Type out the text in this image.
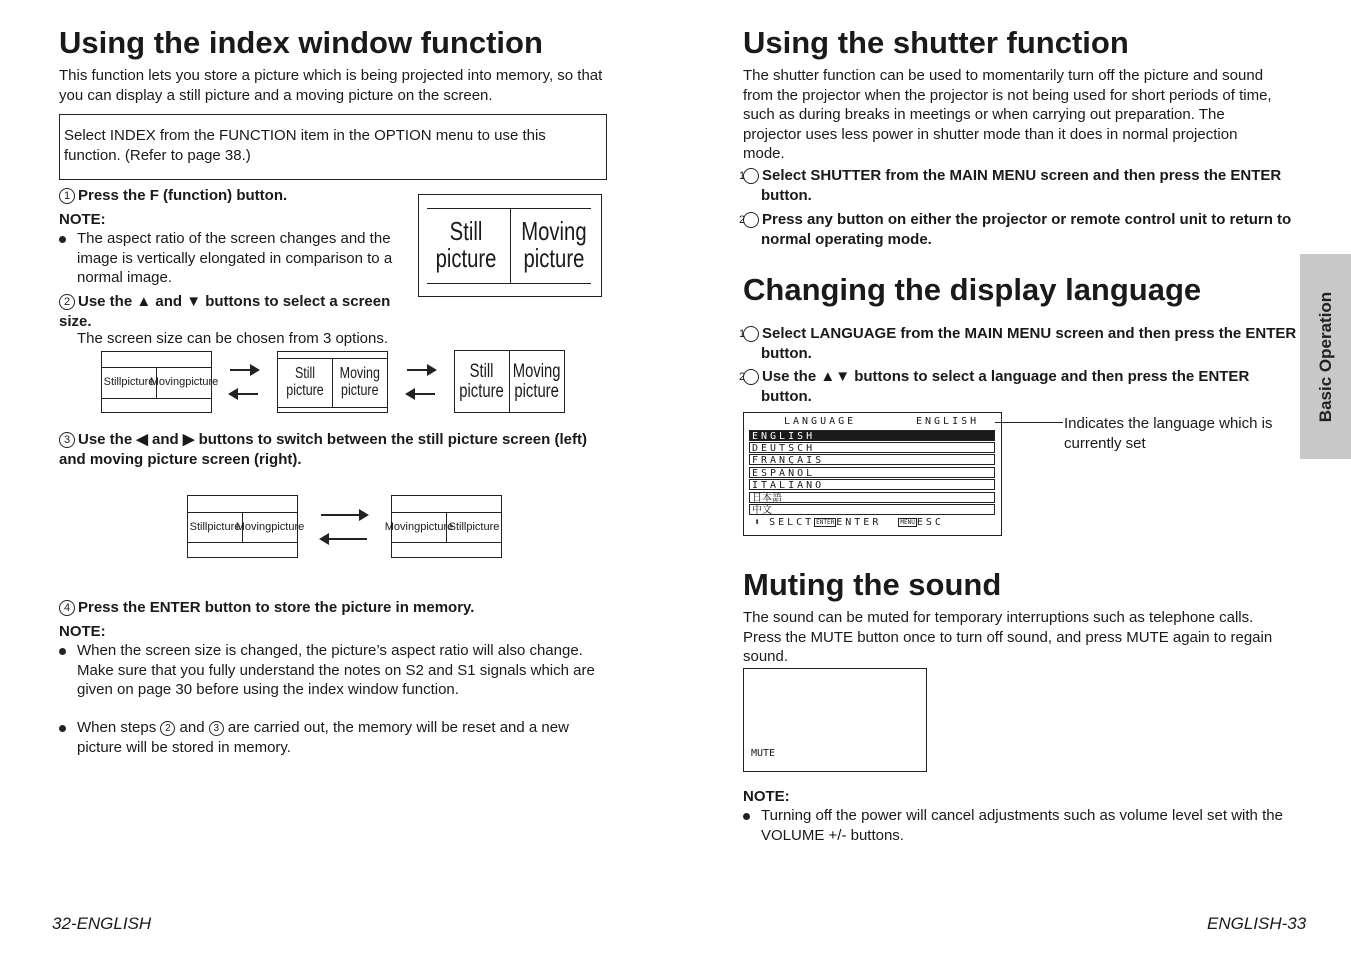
Using the index window function

This function lets you store a picture which is being projected into memory, so that you can display a still picture and a moving picture on the screen.

Select INDEX from the FUNCTION item in the OPTION menu to use this function. (Refer to page 38.)

1 Press the F (function) button.
NOTE:
The aspect ratio of the screen changes and the image is vertically elongated in comparison to a normal image.
Still
picture
Moving
picture
2 Use the ▲ and ▼ buttons to select a screen size.

The screen size can be chosen from 3 options.

Still picture
Moving picture
Still
picture
Moving
picture
Still
picture
Moving
picture
3 Use the ◀ and ▶ buttons to switch between the still picture screen (left) and moving picture screen (right).
Still picture
Moving picture	Moving picture
Still picture
4 Press the ENTER button to store the picture in memory.
NOTE:
When the screen size is changed, the picture’s aspect ratio will also change. Make sure that you fully understand the notes on S2 and S1 signals which are given on page 30 before using the index window function.
When steps 2 and 3 are carried out, the memory will be reset and a new picture will be stored in memory.
32-ENGLISH
Using the shutter function

The shutter function can be used to momentarily turn off the picture and sound from the projector when the projector is not being used for short periods of time, such as during breaks in meetings or when carrying out preparation. The projector uses less power in shutter mode than it does in normal projection mode.

1 Select SHUTTER from the MAIN MENU screen and then press the ENTER button.
2 Press any button on either the projector or remote control unit to return to normal operating mode.
Changing the display language
1 Select LANGUAGE from the MAIN MENU screen and then press the ENTER button.
2 Use the ▲▼ buttons to select a language and then press the ENTER button.
LANGUAGE	ENGLISH
ENGLISH
DEUTSCH
FRANÇAIS
ESPAÑOL
ITALIANO
日本語
中文
⬍ SELCT ENTER ENTER	MENU ESC

Indicates the language which is currently set

Muting the sound

The sound can be muted for temporary interruptions such as telephone calls. Press the MUTE button once to turn off sound, and press MUTE again to regain sound.

MUTE
NOTE:
Turning off the power will cancel adjustments such as volume level set with the VOLUME +/- buttons.
Basic Operation
ENGLISH-33
